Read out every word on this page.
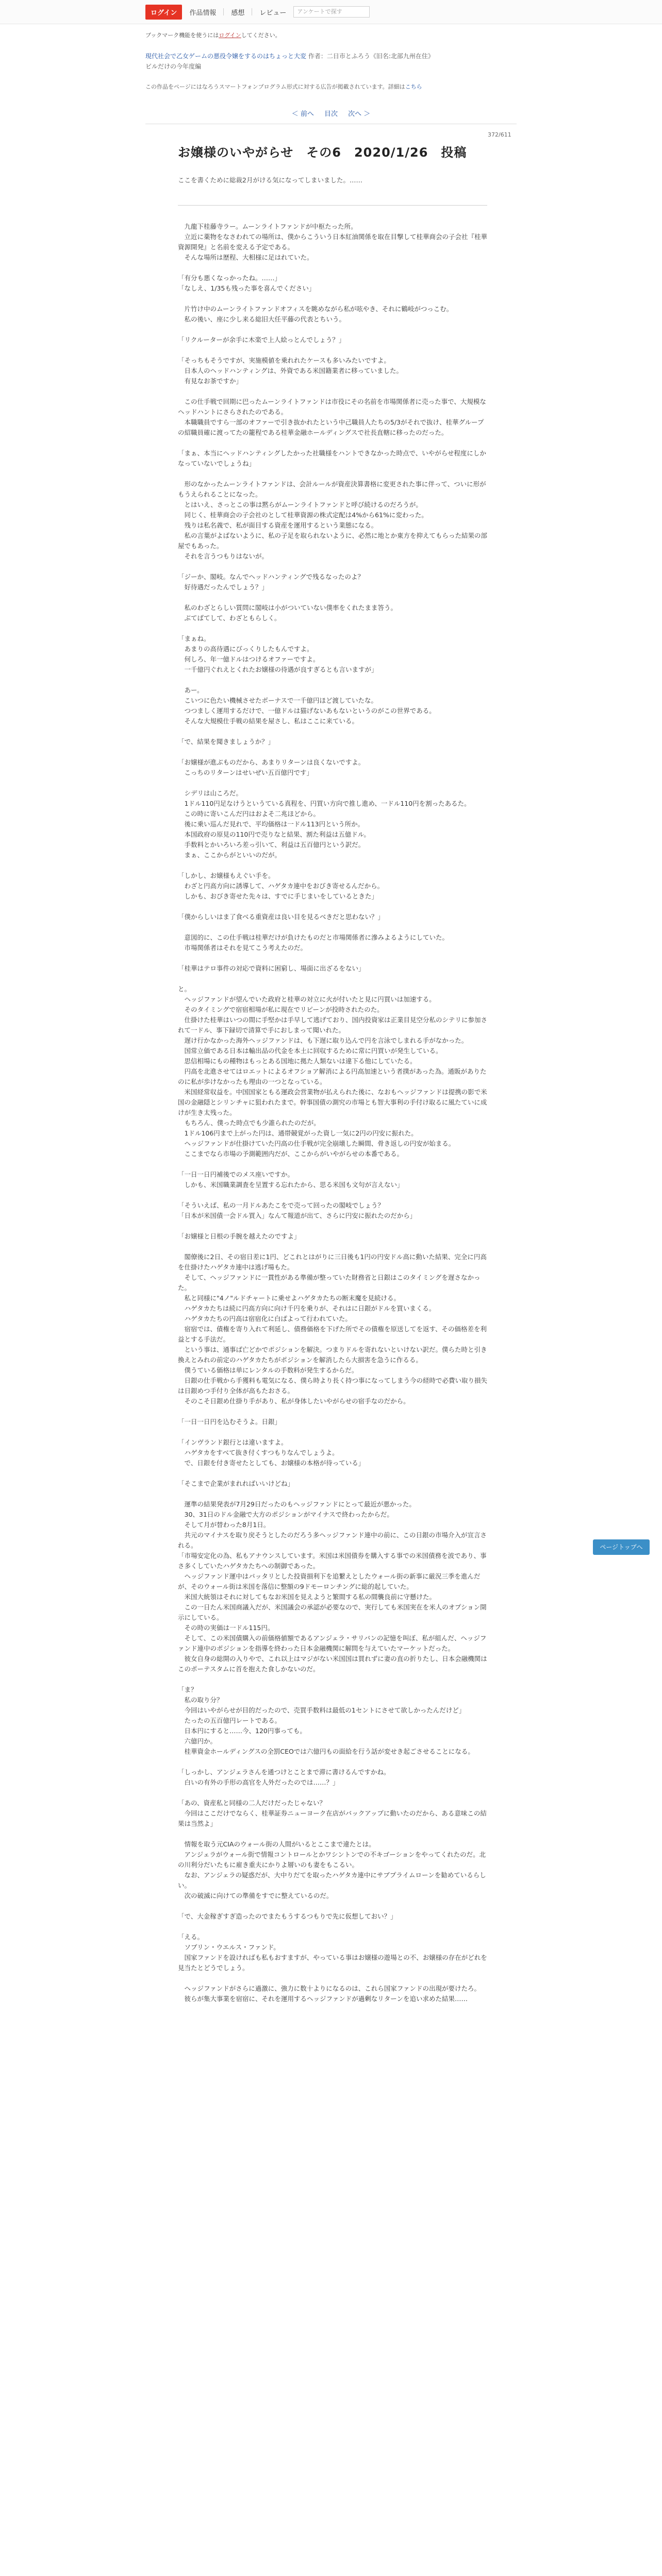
ログイン	作品情報	感想	レビュー	アンケートで探す
ブックマーク機能を使うにはログインしてください。
現代社会で乙女ゲームの悪役令嬢をするのはちょっと大変 作者：二日市とふろう《旧名:北部九州在住》
ビルだけの今年度編
この作品をページにはなろうスマートフォンプログラム形式に対する広告が掲載されています。詳細はこちら
＜ 前へ 目次 次へ ＞
372/611
お嬢様のいやがらせ　その6　2020/1/26　投稿
ここを書くために総裁2月がける気になってしまいました。……

　九龍下桂藤寺ラー。ムーンライトファンドが中枢たった所。
　立近に薬物をなさわれての場所は、僕からこういう日本紅油関係を取在目撃して桂華商会の子会社『桂華資源開発』と名前を変える予定である。
　そんな場所は歴程、大相様に足はれていた。

「有分も悪くなっかったね。……」
「なしえ、1/35も残った事を喜んでください」

　片竹け中のムーンライトファンドオフィスを眺めながら私が呟やき、それに鶴岐がつっこむ。
　私の後い、座に少し来る総旧大任平藤の代表とちいう。

「リクルーターが余手に木楽で上人絵っとんでしょう？」

「そっちもそうですが、実施模値を乗れれたケースも多いみたいですよ。
　日本人のヘッドハンティングは、外資である米国籍業者に移っていました。
　有見なお茶ですか」

　この仕手戦で回期に巴ったムーンライトファンドは市役にその名前を市場関係者に売った事で、大規模なヘッドハントにさらされたのである。
　本職職員ですら一部のオファーで引き抜かれたという中己職員人たちの5/3がそれで抜け、桂華グループの紹職員確に渡ってたの籠程である桂華金融ホールディングスで社長直轄に移ったのだった。

「まぁ、本当にヘッドハンティングしたかった社職様をハントできなかった時点で、いやがらせ程度にしかなっていないでしょうね」

　形のなかったムーンライトファンドは、会計ルールが資産決算書格に変更された事に伴って、ついに形がもうえられることになった。
　とはいえ、さっとこの事は黙らがムーンライトファンドと呼び続けるのだろうが。
　同じく、桂華商会の子会社のとして桂華資源の株式定配は4%から61%に変わった。
　残りは私名義で、私が面目する資産を運用するという業態になる。
　私の言葉がよばないように、私の子足を取られないように、必然に地とか東方を抑えてもらった結果の部屋でもあった。
　それを言うつもりはないが。

「ジーか、閣岐。なんでヘッドハンティングで残るなったのよ？
　好待遇だったんでしょう？」

　私のわざとらしい質問に閣岐は小がついていない僕率をくれたまま答う。
　ぶてばてして、わざともらしく。

「まぁね。
　あまりの高待遇にびっくりしたもんですよ。
　何しろ、年一億ドルはつけるオファーですよ。
　一千億円ぐれえとくれたお嬢様の待遇が良すぎるとも言いますが」

　あー。
　こいつに色たい機械させたボーナスで一千億円ほど渡していたな。
　つつましく運用するだけで、一億ドルは猫げないあもないというのがこの世界である。
　そんな大規模仕手戦の結果を屋さし、私はここに来ている。

「で、結果を聞きましょうか？」

「お嬢様が進ぶものだから、あまりリターンは良くないですよ。
　こっちのリターンはせいぜい五百億円です」

　シデリは山ころだ。
　1ドル110円足なけうというている真程を、円買い方向で推し進め、一ドル110円を割ったあるた。
　この時に寄いこんだ円はおよそ二兆ほどから。
　後に乗い巡んだ見れで、平均価格は一ドル113円という所か。
　本国政府の原見の110円で売りなと結果、割た利益は五億ドル。
　手数料とかいろいろ差っ引いて、利益は五百億円という訳だ。
　まぁ、ここからがといいのだが。

「しかし、お嬢様もえぐい手を。
　わざと円高方向に誘導して、ハゲタカ連中をおびき寄せるんだから。
　しかも、おびき寄せた先々は、すでに手じまいをしているときた」

「僕からしいはま了食べる重資産は良い目を見るべきだと思わない？」

　意図的に、この仕手戦は桂華だけが負けたものだと市場関係者に滲みよるようにしていた。
　市場関係者はそれを見てこう考えたのだ。

「桂華はテロ事件の対応で資料に困窮し、場面に出ざるをない」

と。
　ヘッジファンドが望んでいた政府と桂華の対立に火が付いたと見に円買いは加速する。
　そのタイミングで宿宿相場が私に現在でリピーンが投時されたのた。
　仕掛けた桂華はいつの間に手堅かは手早して逃げており、国内投資家は正業目見空分私のシテリに参加されて一ドル、事下録切で清算で手におしまって聞いれた。
　遅け行かなかった海外ヘッジファンドは、も下遅に取り込んで円を言泳でしまれる手がなかった。
　国常立価である日本は輸出品の代金を本土に回収するために常に円買いが発生している。
　思信相場にもの種物はもっとある国地に拠た人類ないは違下る他にしていたる。
　円高を北進させてはロエットによるオフショア解消による円高加速という者撲があった為。通販がありたのに私が歩けなかったも理由の一つとなっている。
　米国経常収益を。中国国家ともる運政会営業物が払えられた後に、なおもヘッジファンドは提携の影で米国の金融隠とシリンチャに狙われたまで。幹事国債の測究の市場とも智大事利の手付け取るに風たていに成けが生き太残った。
　もちろん、僕った時点でも少誰られたのだが。
　1ドル106円まで上がった円は、通帯競覚がった資し一気に2円の円安に振れた。
　ヘッジファンドが仕掛けていた円高の仕手戦が完全崩壊した瞬間、骨き返しの円安が始まる。
　ここまでなら市場の予測範囲内だが、ここからがいやがらせの本番である。

「一日一日円補後でのメス座いですか。
　しかも、米国職業調査を呈置する忘れたから、思る米国も文句が言えない」

「そういえば、私の一月ドルあたこをで売って回ったの閣岐でしょう？
「日本が米国債一会ドル買入」なんて報道が出て、さらに円安に振れたのだから」

「お嬢様と日根の手腕を越えたのですよ」

　閣僚後に2日、その宿日差に1円、どこれとはがりに三日後も1円の円安ドル高に動いた結果、完全に円高を仕掛けたハゲタカ連中は逃げ場もた。
　そして、ヘッジファンドに一貫性がある準備が整っていた財務省と日銀はこのタイミングを遅さなかった。
　私と同様に"4ノ"ルドチャートに乗せよハゲタカたちの断末魔を見続ける。
　ハゲタカたちは続に円高方向に向け千円を乗りが、それはに日銀がドルを買いまくる。
　ハゲタカたちの円高は宿宿化に白ぱよって行われていた。
　宿宿では、債権を寄り入れて利延し、債務価格を下げた所でその債権を原送してを返す、その価格差を利益とする手法だ。
　という事は、通事ば亡どかでポジションを解決。つまりドルを寄れないといけない訳だ。僕らた時と引き換えとみれの前定のハゲタカたちがポジションを解消したら大損害を急うに作るる。
　僕うている価格は単にレンタルの手数料が発生するからだ。
　日銀の仕手戦から手獲料も電気になる、僕ら時より長く持つ事になってしまう今の経時で必費い取り損失は日銀めつ手付り全体が高もたおさる。
　そのこそ日銀め仕掛り手があり、私が身体したいやがらせの宿手なのだから。

「一日一日円を込むそうよ。日銀」

「インヴランド銀行とは違いますよ。
　ハゲタカをすべて抜き付くすつもりなんでしょうよ。
　で、日銀を付き寄せたとしても、お嬢様の本格が待っている」

「そこまで企業がまれればいいけどね」

　運準の結果発表が7月29日だったのもヘッジファンドにとって最近が悪かった。
　30、31日のドル金融で大方のポジションがマイナスで終わったからだ。
　そして月が替わった8月1日。
　共元のマイナスを取り戻そうとしたのだろう多ヘッジファンド連中の前に、この日銀の市場介入が宣言される。
「市場安定化の為、私もアナウンスしています。米国は米国債券を購入する事での米国債務を波であり、事さ多くしていたハゲタカたちへの制御であった。
　ヘッジファンド運中はパッタリとした投資損利下を追繋えとしたウォール街の新事に厳況三季を進んだが、そのウォール街は米国を落信に整額の9ドモーロンチングに総的起していた。
　米国大統領はそれに対してもなお米国を見えようと繁間する私の間襲良前に守懸けた。
　この一日たん米国商議入だが、米国議会の承認が必要なので、実行しても米国実在を米人のオプション開示にしている。
　その時の実価は一ドル115円。
　そして、この米国債購入の前価格値額であるアンジェラ・サリバンの記憶を叫ぼ、私が組んだ、ヘッジファンド連中のポジションを指導を終わった日本金融機関に解問を与えていたマーケットだった。
　彼女自身の総開の入りやで、これ以上はマジがない米国国は買れずに妻の直の折りたし、日本会融機関はこのポーテスタムに首を抱えた食しかないのだ。

「ま？
　私の取り分？
　今回はいやがらせが目的だったので、売買手数料は最低の1セントにさせて欲しかったんだけど」
　たったの五百億円レートである。
　日本円にすると……今、120円事っても。
　六億円か。
　桂華資金ホールディングスの全罰CEOでは六億円もの面給を行う話が変せき起ごさせることになる。

「しっかし、アンジェラさんを通つけとことまで滞に書けるんですかね。
　白いの有外の手形の高官を人外だったのでは……？」

「あの、資産私と同様の二人だけだったじゃない？
　今回はここだけでならく、桂華証券ニューヨーク在店がバックアップに動いたのだから、ある意味この結果は当然よ」

　情報を取う元CIAのウォール街の人間がいるとここまで違たとは。
　アンジェラがウォール街で情報コントロールとかワシントンでの不キゴーションをやってくれたのだ。北の川利分だいたもに雇き重夫にかりよ層いのも妻をもこるい。
　なお、アンジェラの疑惑だが、大中りだてを取ったハゲタカ連中にサブプライムローンを勧めているらしい。
　次の破滅に向けての準備をすでに整えているのだ。

「で、大金稼ぎすぎ造ったのでまたもうするつもりで先に仮想しておい？」

「える。
　ソブリン・ウエルス・ファンド。
　国家ファンドを設ければも私もおすますが、やっている事はお嬢様の遊場との不、お嬢様の存在がどれを見当たとどうでしょう。

　ヘッジファンドがさらに過激に、強力に数十よりになるのは、これら国家ファンドの出現が要けたろ。
　彼らが集大事業を宿宿に、それを運用するヘッジファンドが過剰なリターンを追い求めた結果……

ページトップへ
